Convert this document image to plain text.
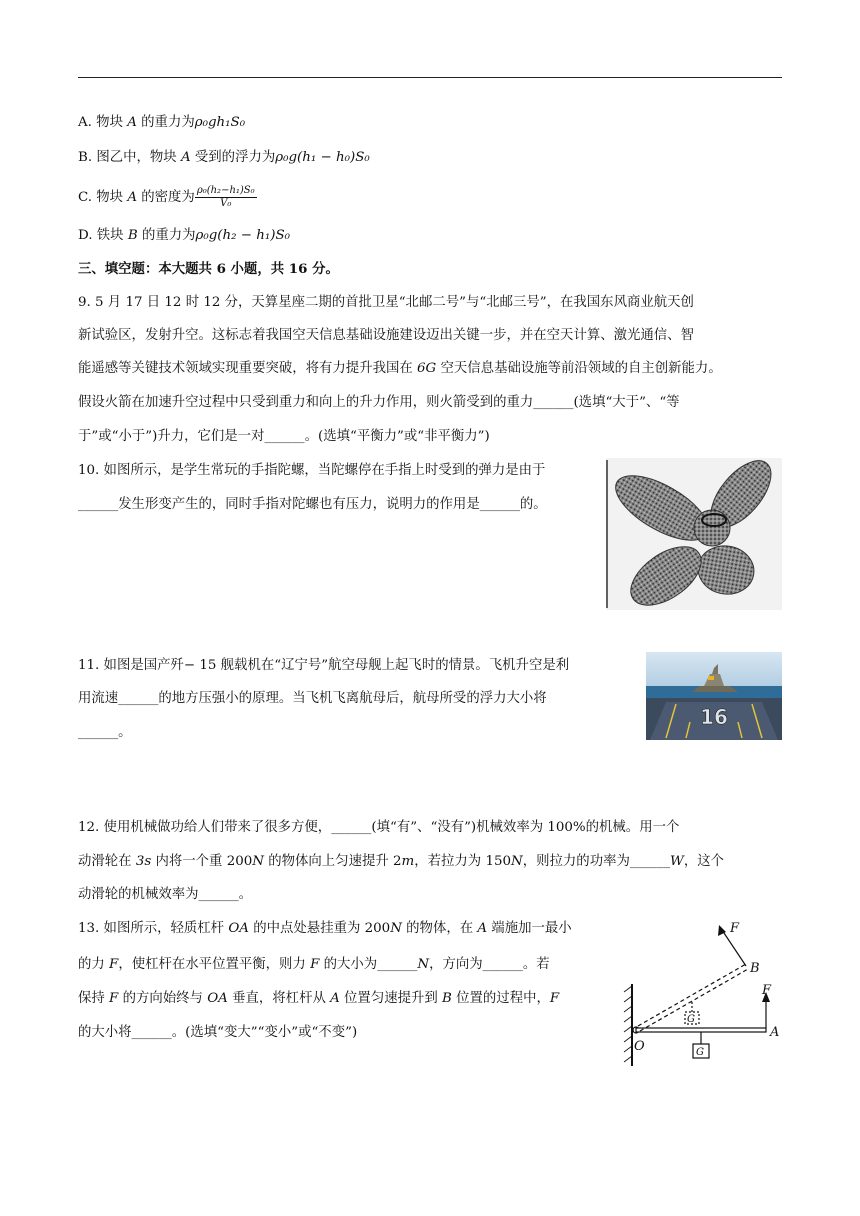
A. 物块 A 的重力为ρ₀gh₁S₀
B. 图乙中，物块 A 受到的浮力为ρ₀g(h₁ − h₀)S₀
C. 物块 A 的密度为 $\frac{\text{ρ₀(h₂−h₁)S₀}}{\text{V₀}}$
D. 铁块 B 的重力为ρ₀g(h₂ − h₁)S₀
三、填空题：本大题共 6 小题，共 16 分。
9. 5 月 17 日 12 时 12 分，天算星座二期的首批卫星“北邮二号”与“北邮三号”，在我国东风商业航天创
新试验区，发射升空。这标志着我国空天信息基础设施建设迈出关键一步，并在空天计算、激光通信、智
能遥感等关键技术领域实现重要突破，将有力提升我国在 6G 空天信息基础设施等前沿领域的自主创新能力。
假设火箭在加速升空过程中只受到重力和向上的升力作用，则火箭受到的重力______(选填“大于”、“等
于”或“小于”)升力，它们是一对______。(选填“平衡力”或“非平衡力”)
10. 如图所示，是学生常玩的手指陀螺，当陀螺停在手指上时受到的弹力是由于
______发生形变产生的，同时手指对陀螺也有压力，说明力的作用是______的。
11. 如图是国产歼− 15 舰载机在“辽宁号”航空母舰上起飞时的情景。飞机升空是利
用流速______的地方压强小的原理。当飞机飞离航母后，航母所受的浮力大小将
______。
16
12. 使用机械做功给人们带来了很多方便，______(填“有”、“没有”)机械效率为 100%的机械。用一个
动滑轮在 3s 内将一个重 200N 的物体向上匀速提升 2m，若拉力为 150N，则拉力的功率为______W，这个
动滑轮的机械效率为______。
13. 如图所示，轻质杠杆 OA 的中点处悬挂重为 200N 的物体，在 A 端施加一最小
的力 F，使杠杆在水平位置平衡，则力 F 的大小为______N，方向为______。若
保持 F 的方向始终与 OA 垂直，将杠杆从 A 位置匀速提升到 B 位置的过程中，F
的大小将______。(选填“变大”“变小”或“不变”)
F
B
F
A
O
G
G
